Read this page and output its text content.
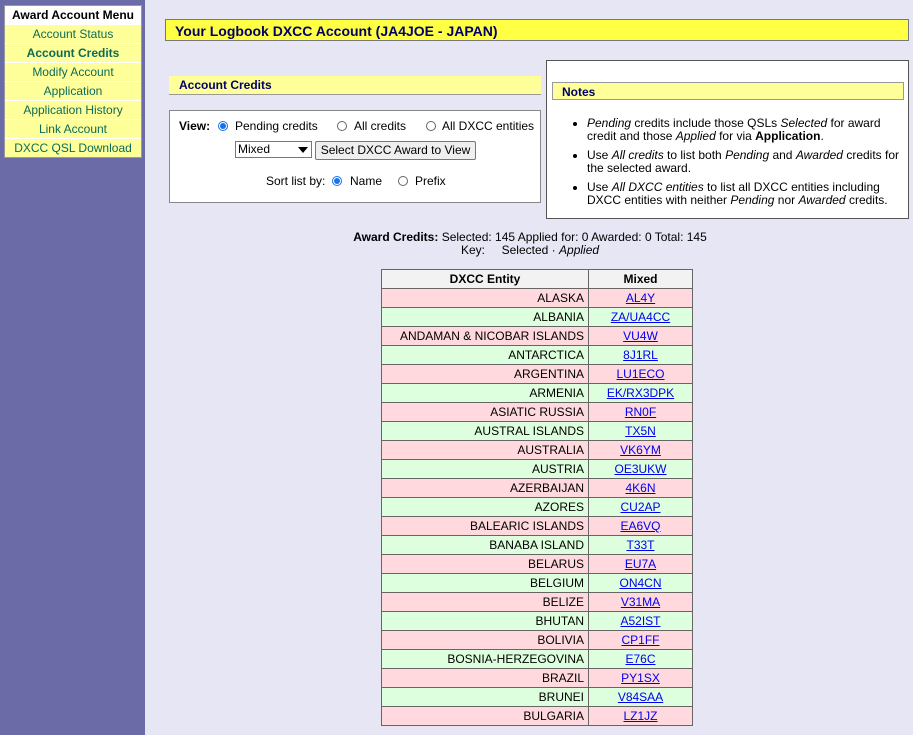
Award Account Menu
Account Status
Account Credits
Modify Account
Application
Application History
Link Account
DXCC QSL Download
Your Logbook DXCC Account (JA4JOE - JAPAN)
Account Credits
View: Pending credits	All credits	All DXCC entities
Mixed	Select DXCC Award to View
Sort list by: Name	Prefix
Notes
• Pending credits include those QSLs Selected for award credit and those Applied for via Application.
• Use All credits to list both Pending and Awarded credits for the selected award.
• Use All DXCC entities to list all DXCC entities including DXCC entities with neither Pending nor Awarded credits.
Award Credits: Selected: 145 Applied for: 0 Awarded: 0 Total: 145
Key: Selected · Applied
DXCC Entity	Mixed
ALASKA	AL4Y
ALBANIA	ZA/UA4CC
ANDAMAN & NICOBAR ISLANDS	VU4W
ANTARCTICA	8J1RL
ARGENTINA	LU1ECO
ARMENIA	EK/RX3DPK
ASIATIC RUSSIA	RN0F
AUSTRAL ISLANDS	TX5N
AUSTRALIA	VK6YM
AUSTRIA	OE3UKW
AZERBAIJAN	4K6N
AZORES	CU2AP
BALEARIC ISLANDS	EA6VQ
BANABA ISLAND	T33T
BELARUS	EU7A
BELGIUM	ON4CN
BELIZE	V31MA
BHUTAN	A52IST
BOLIVIA	CP1FF
BOSNIA-HERZEGOVINA	E76C
BRAZIL	PY1SX
BRUNEI	V84SAA
BULGARIA	LZ1JZ
